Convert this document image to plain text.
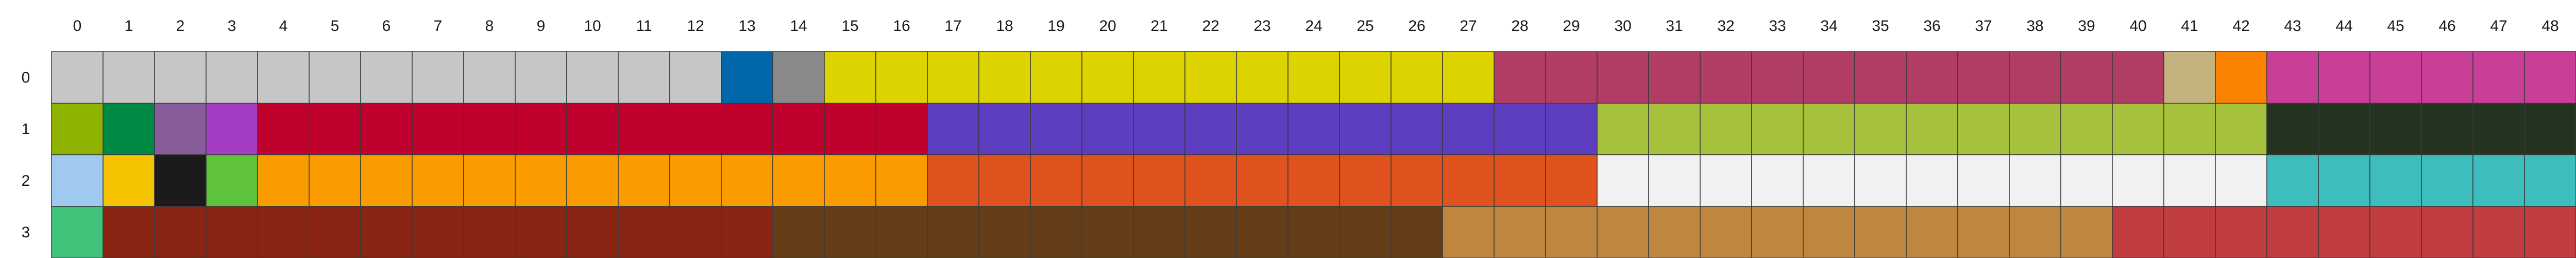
0	1	2	3	4	5	6	7	8	9 10 11 12 13 14 15 16 17 18 19 20 21 22 23 24 25 26 27 28 29 30 31 32 33 34 35 36 37 38 39 40 41 42 43 44 45 46 47 48
0
1
2
3
